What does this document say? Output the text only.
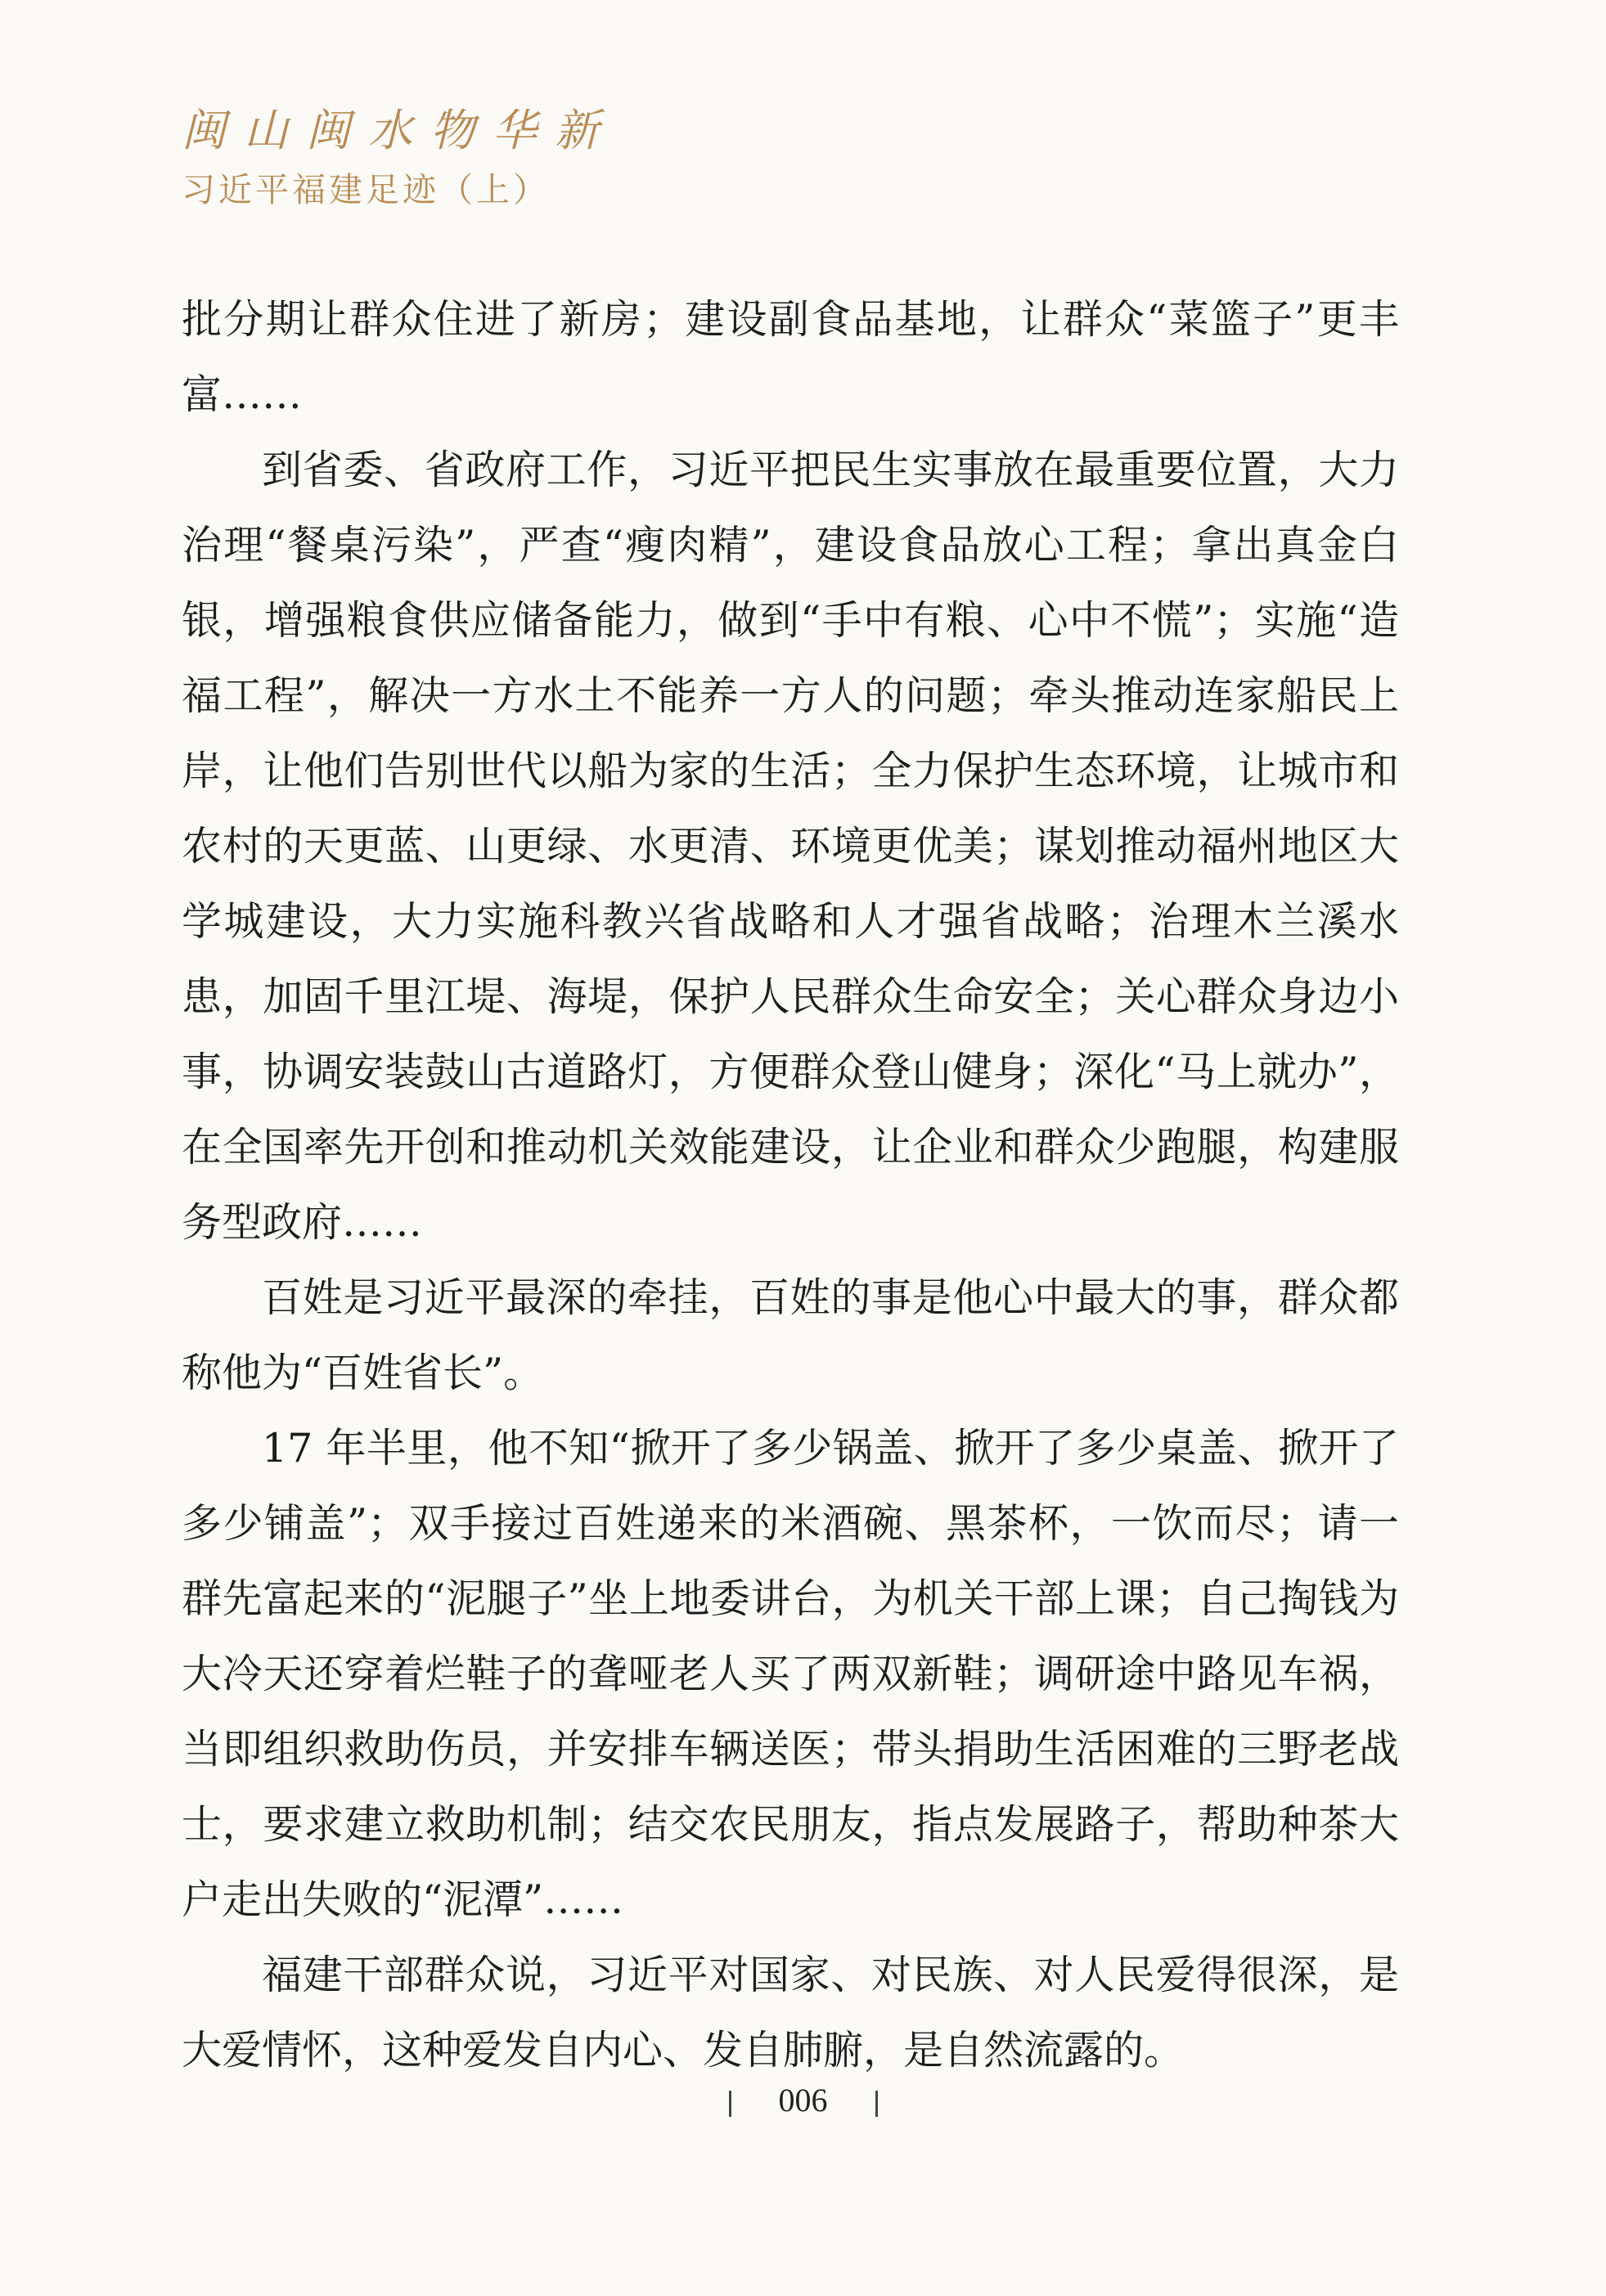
闽山闽水物华新
习近平福建足迹（上）

批分期让群众住进了新房；建设副食品基地，让群众“菜篮子”更丰富……

到省委、省政府工作，习近平把民生实事放在最重要位置，大力治理“餐桌污染”，严查“瘦肉精”，建设食品放心工程；拿出真金白银，增强粮食供应储备能力，做到“手中有粮、心中不慌”；实施“造福工程”，解决一方水土不能养一方人的问题；牵头推动连家船民上岸，让他们告别世代以船为家的生活；全力保护生态环境，让城市和农村的天更蓝、山更绿、水更清、环境更优美；谋划推动福州地区大学城建设，大力实施科教兴省战略和人才强省战略；治理木兰溪水患，加固千里江堤、海堤，保护人民群众生命安全；关心群众身边小事，协调安装鼓山古道路灯，方便群众登山健身；深化“马上就办”，在全国率先开创和推动机关效能建设，让企业和群众少跑腿，构建服务型政府……

百姓是习近平最深的牵挂，百姓的事是他心中最大的事，群众都称他为“百姓省长”。

17 年半里，他不知“掀开了多少锅盖、掀开了多少桌盖、掀开了多少铺盖”；双手接过百姓递来的米酒碗、黑茶杯，一饮而尽；请一群先富起来的“泥腿子”坐上地委讲台，为机关干部上课；自己掏钱为大冷天还穿着烂鞋子的聋哑老人买了两双新鞋；调研途中路见车祸，当即组织救助伤员，并安排车辆送医；带头捐助生活困难的三野老战士，要求建立救助机制；结交农民朋友，指点发展路子，帮助种茶大户走出失败的“泥潭”……

福建干部群众说，习近平对国家、对民族、对人民爱得很深，是大爱情怀，这种爱发自内心、发自肺腑，是自然流露的。

006
